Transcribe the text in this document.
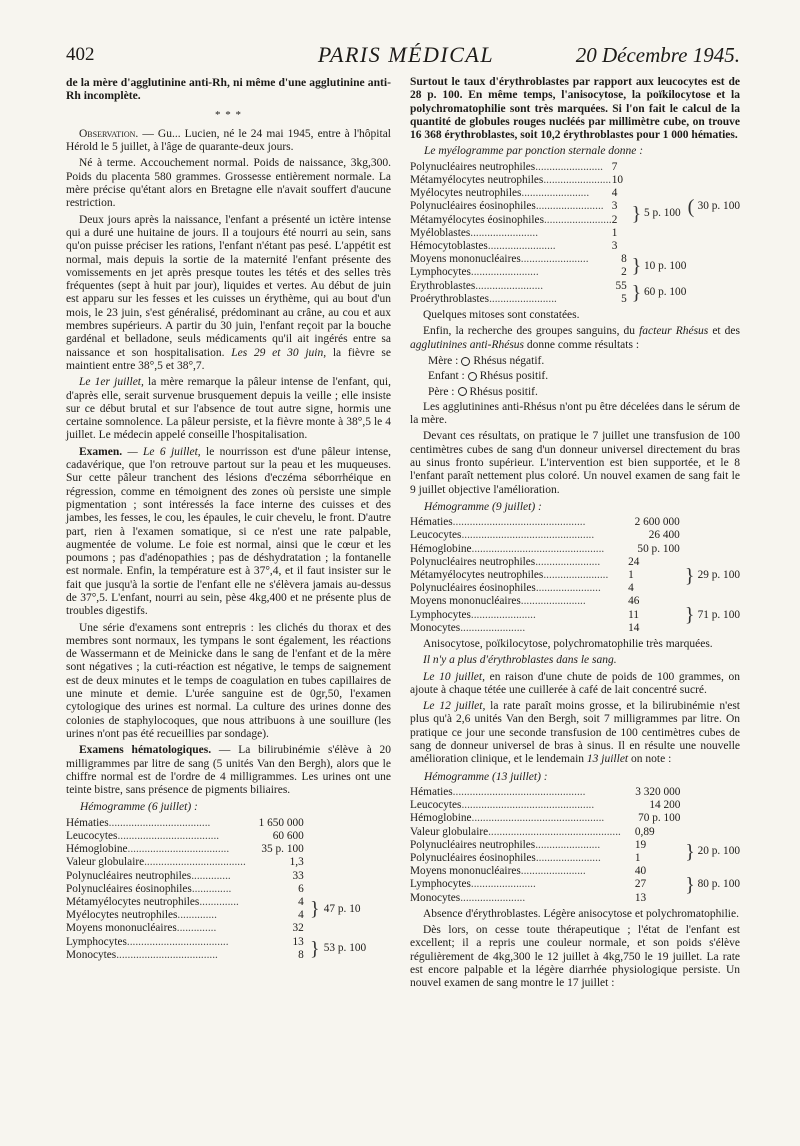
402	PARIS MÉDICAL	20 Décembre 1945.

de la mère d'agglutinine anti-Rh, ni même d'une agglutinine anti-Rh incomplète.

* * *

Observation. — Gu... Lucien, né le 24 mai 1945, entre à l'hôpital Hérold le 5 juillet, à l'âge de quarante-deux jours.

Né à terme. Accouchement normal. Poids de naissance, 3kg,300. Poids du placenta 580 grammes. Grossesse entièrement normale. La mère précise qu'étant alors en Bretagne elle n'avait souffert d'aucune restriction.

Deux jours après la naissance, l'enfant a présenté un ictère intense qui a duré une huitaine de jours. Il a toujours été nourri au sein, sans qu'on puisse préciser les rations, l'enfant n'étant pas pesé. L'appétit est normal, mais depuis la sortie de la maternité l'enfant présente des vomissements en jet après presque toutes les tétés et des selles très fréquentes (sept à huit par jour), liquides et vertes. Au début de juin est apparu sur les fesses et les cuisses un érythème, qui au bout d'un mois, le 23 juin, s'est généralisé, prédominant au crâne, au cou et aux membres supérieurs. A partir du 30 juin, l'enfant reçoit par la bouche gardénal et belladone, seuls médicaments qu'il ait ingérés entre sa naissance et son hospitalisation. Les 29 et 30 juin, la fièvre se maintient entre 38°,5 et 38°,7.

Le 1er juillet, la mère remarque la pâleur intense de l'enfant, qui, d'après elle, serait survenue brusquement depuis la veille ; elle insiste sur ce début brutal et sur l'absence de tout autre signe, hormis une certaine somnolence. La pâleur persiste, et la fièvre monte à 38°,5 le 4 juillet. Le médecin appelé conseille l'hospitalisation.

Examen. — Le 6 juillet, le nourrisson est d'une pâleur intense, cadavérique, que l'on retrouve partout sur la peau et les muqueuses. Sur cette pâleur tranchent des lésions d'eczéma séborrhéique en régression, comme en témoignent des zones où persiste une simple pigmentation ; sont intéressés la face interne des cuisses et des jambes, les fesses, le cou, les épaules, le cuir chevelu, le front. D'autre part, rien à l'examen somatique, si ce n'est une rate palpable, augmentée de volume. Le foie est normal, ainsi que le cœur et les poumons ; pas d'adénopathies ; pas de déshydratation ; la fontanelle est normale. Enfin, la température est à 37°,4, et il faut insister sur le fait que jusqu'à la sortie de l'enfant elle ne s'élèvera jamais au-dessus de 37°,5. L'enfant, nourri au sein, pèse 4kg,400 et ne présente plus de troubles digestifs.

Une série d'examens sont entrepris : les clichés du thorax et des membres sont normaux, les tympans le sont également, les réactions de Wassermann et de Meinicke dans le sang de l'enfant et de la mère sont négatives ; la cuti-réaction est négative, le temps de saignement est de deux minutes et le temps de coagulation en tubes capillaires de une minute et demie. L'urée sanguine est de 0gr,50, l'examen cytologique des urines est normal. La culture des urines donne des colonies de staphylocoques, que nous attribuons à une souillure (les urines n'ont pas été recueillies par sondage).

Examens hématologiques. — La bilirubinémie s'élève à 20 milligrammes par litre de sang (5 unités Van den Bergh), alors que le chiffre normal est de l'ordre de 4 milligrammes. Les urines ont une teinte bistre, sans présence de pigments biliaires.

Hémogramme (6 juillet) :
Hématies....................................	1 650 000		
Leucocytes....................................	60 600		
Hémoglobine....................................	35 p. 100		
Valeur globulaire....................................	1,3		
Polynucléaires neutrophiles..............	33		
Polynucléaires éosinophiles..............	6	}	47 p. 10
Métamyélocytes neutrophiles..............	4		
Myélocytes neutrophiles..............	4		
Moyens mononucléaires..............	32		
Lymphocytes....................................	13	}	53 p. 100
Monocytes....................................	8		

Surtout le taux d'érythroblastes par rapport aux leucocytes est de 28 p. 100. En même temps, l'anisocytose, la poïkilocytose et la polychromatophilie sont très marquées. Si l'on fait le calcul de la quantité de globules rouges nucléés par millimètre cube, on trouve 16 368 érythroblastes, soit 10,2 érythroblastes pour 1 000 hématies.

Le myélogramme par ponction sternale donne :
Polynucléaires neutrophiles........................	7				
Métamyélocytes neutrophiles........................	10			(	30 p. 100
Myélocytes neutrophiles........................	4				
Polynucléaires éosinophiles........................	3	}	5 p. 100		
Métamyélocytes éosinophiles........................	2				
Myéloblastes........................	1				
Hémocytoblastes........................	3				
Moyens mononucléaires........................	8	}	10 p. 100		
Lymphocytes........................	2				
Érythroblastes........................	55	}	60 p. 100		
Proérythroblastes........................	5				

Quelques mitoses sont constatées.

Enfin, la recherche des groupes sanguins, du facteur Rhésus et des agglutinines anti-Rhésus donne comme résultats :

Mère : Rhésus négatif.
Enfant : Rhésus positif.
Père : Rhésus positif.

Les agglutinines anti-Rhésus n'ont pu être décelées dans le sérum de la mère.

Devant ces résultats, on pratique le 7 juillet une transfusion de 100 centimètres cubes de sang d'un donneur universel directement du bras au sinus fronto supérieur. L'intervention est bien supportée, et le 8 l'enfant paraît nettement plus coloré. Un nouvel examen de sang fait le 9 juillet objective l'amélioration.

Hémogramme (9 juillet) :
Hématies...............................................	2 600 000		
Leucocytes...............................................	26 400		
Hémoglobine...............................................	50 p. 100		
Polynucléaires neutrophiles.......................	24	}	29 p. 100
Métamyélocytes neutrophiles.......................	1		
Polynucléaires éosinophiles.......................	4		
Moyens mononucléaires.......................	46	}	71 p. 100
Lymphocytes.......................	11		
Monocytes.......................	14		

Anisocytose, poïkilocytose, polychromatophilie très marquées.

Il n'y a plus d'érythroblastes dans le sang.

Le 10 juillet, en raison d'une chute de poids de 100 grammes, on ajoute à chaque tétée une cuillerée à café de lait concentré sucré.

Le 12 juillet, la rate paraît moins grosse, et la bilirubinémie n'est plus qu'à 2,6 unités Van den Bergh, soit 7 milligrammes par litre. On pratique ce jour une seconde transfusion de 100 centimètres cubes de sang de donneur universel de bras à sinus. Il en résulte une nouvelle amélioration clinique, et le lendemain 13 juillet on note :

Hémogramme (13 juillet) :
Hématies...............................................	3 320 000		
Leucocytes...............................................	14 200		
Hémoglobine...............................................	70 p. 100		
Valeur globulaire...............................................	0,89		
Polynucléaires neutrophiles.......................	19	}	20 p. 100
Polynucléaires éosinophiles.......................	1		
Moyens mononucléaires.......................	40	}	80 p. 100
Lymphocytes.......................	27		
Monocytes.......................	13		

Absence d'érythroblastes. Légère anisocytose et polychromatophilie.

Dès lors, on cesse toute thérapeutique ; l'état de l'enfant est excellent; il a repris une couleur normale, et son poids s'élève régulièrement de 4kg,300 le 12 juillet à 4kg,750 le 19 juillet. La rate est encore palpable et la légère diarrhée physiologique persiste. Un nouvel examen de sang montre le 17 juillet :
